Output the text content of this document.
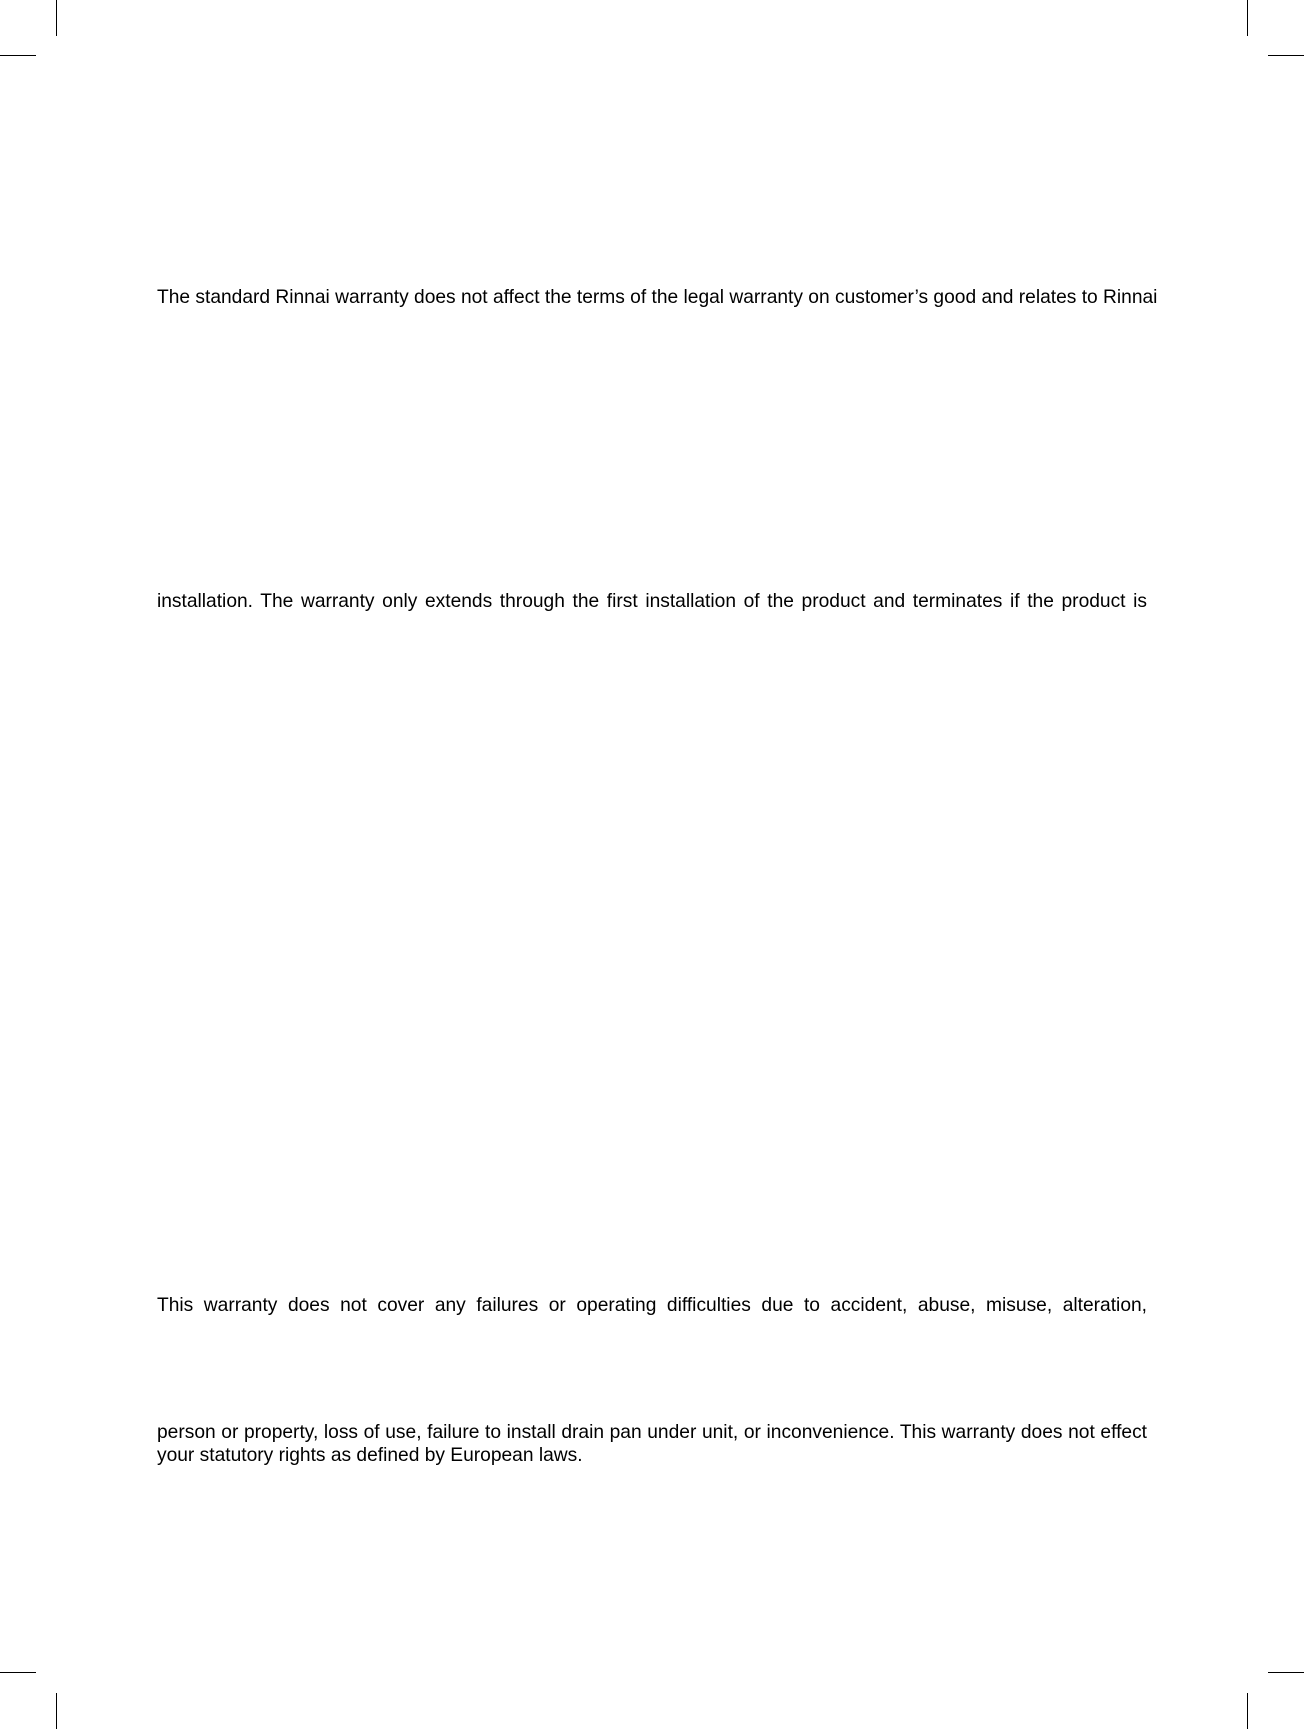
The standard Rinnai warranty does not affect the terms of the legal warranty on customer’s good and relates to Rinnai

installation. The warranty only extends through the first installation of the product and terminates if the product is

This warranty does not cover any failures or operating difficulties due to accident, abuse, misuse, alteration,

person or property, loss of use, failure to install drain pan under unit, or inconvenience. This warranty does not effect
your statutory rights as defined by European laws.
